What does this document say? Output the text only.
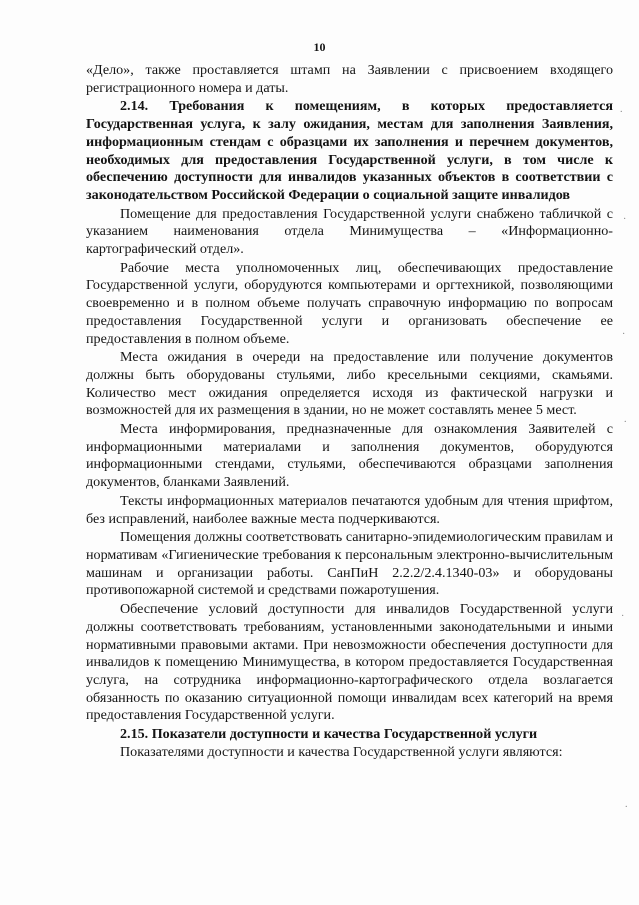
10

«Дело», также проставляется штамп на Заявлении с присвоением входящего регистрационного номера и даты.

2.14. Требования к помещениям, в которых предоставляется Государственная услуга, к залу ожидания, местам для заполнения Заявления, информационным стендам с образцами их заполнения и перечнем документов, необходимых для предоставления Государственной услуги, в том числе к обеспечению доступности для инвалидов указанных объектов в соответствии с законодательством Российской Федерации о социальной защите инвалидов

Помещение для предоставления Государственной услуги снабжено табличкой с указанием наименования отдела Минимущества – «Информационно-картографический отдел».

Рабочие места уполномоченных лиц, обеспечивающих предоставление Государственной услуги, оборудуются компьютерами и оргтехникой, позволяющими своевременно и в полном объеме получать справочную информацию по вопросам предоставления Государственной услуги и организовать обеспечение ее предоставления в полном объеме.

Места ожидания в очереди на предоставление или получение документов должны быть оборудованы стульями, либо кресельными секциями, скамьями. Количество мест ожидания определяется исходя из фактической нагрузки и возможностей для их размещения в здании, но не может составлять менее 5 мест.

Места информирования, предназначенные для ознакомления Заявителей с информационными материалами и заполнения документов, оборудуются информационными стендами, стульями, обеспечиваются образцами заполнения документов, бланками Заявлений.

Тексты информационных материалов печатаются удобным для чтения шрифтом, без исправлений, наиболее важные места подчеркиваются.

Помещения должны соответствовать санитарно-эпидемиологическим правилам и нормативам «Гигиенические требования к персональным электронно-вычислительным машинам и организации работы. СанПиН 2.2.2/2.4.1340-03» и оборудованы противопожарной системой и средствами пожаротушения.

Обеспечение условий доступности для инвалидов Государственной услуги должны соответствовать требованиям, установленными законодательными и иными нормативными правовыми актами. При невозможности обеспечения доступности для инвалидов к помещению Минимущества, в котором предоставляется Государственная услуга, на сотрудника информационно-картографического отдела возлагается обязанность по оказанию ситуационной помощи инвалидам всех категорий на время предоставления Государственной услуги.

2.15. Показатели доступности и качества Государственной услуги

Показателями доступности и качества Государственной услуги являются:

.
·
·
.
·
.
